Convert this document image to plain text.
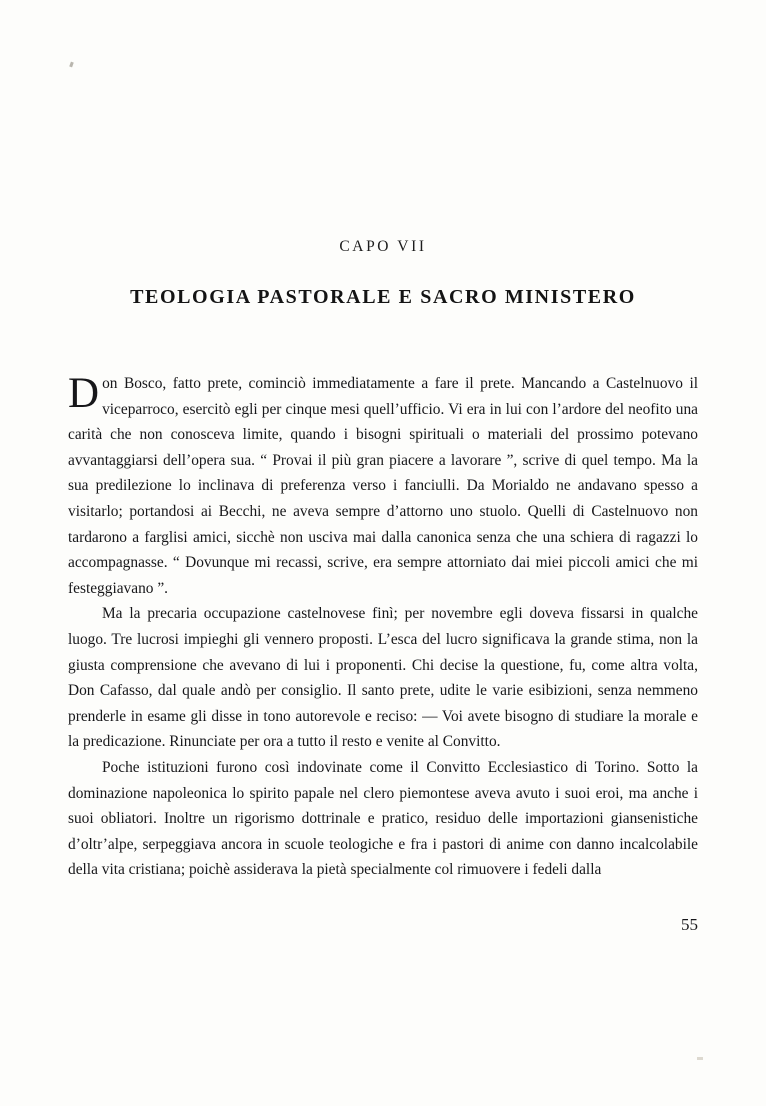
CAPO VII
TEOLOGIA PASTORALE E SACRO MINISTERO

Don Bosco, fatto prete, cominciò immediatamente a fare il prete. Mancando a Castelnuovo il viceparroco, esercitò egli per cinque mesi quell’ufficio. Vi era in lui con l’ardore del neofito una carità che non conosceva limite, quando i bisogni spirituali o materiali del prossimo potevano avvantaggiarsi dell’opera sua. “ Provai il più gran piacere a lavorare ”, scrive di quel tempo. Ma la sua predilezione lo inclinava di preferenza verso i fanciulli. Da Morialdo ne andavano spesso a visitarlo; portandosi ai Becchi, ne aveva sempre d’attorno uno stuolo. Quelli di Castelnuovo non tardarono a farglisi amici, sicchè non usciva mai dalla canonica senza che una schiera di ragazzi lo accompagnasse. “ Dovunque mi recassi, scrive, era sempre attorniato dai miei piccoli amici che mi festeggiavano ”.

Ma la precaria occupazione castelnovese finì; per novembre egli doveva fissarsi in qualche luogo. Tre lucrosi impieghi gli vennero proposti. L’esca del lucro significava la grande stima, non la giusta comprensione che avevano di lui i proponenti. Chi decise la questione, fu, come altra volta, Don Cafasso, dal quale andò per consiglio. Il santo prete, udite le varie esibizioni, senza nemmeno prenderle in esame gli disse in tono autorevole e reciso: — Voi avete bisogno di studiare la morale e la predicazione. Rinunciate per ora a tutto il resto e venite al Convitto.

Poche istituzioni furono così indovinate come il Convitto Ecclesiastico di Torino. Sotto la dominazione napoleonica lo spirito papale nel clero piemontese aveva avuto i suoi eroi, ma anche i suoi obliatori. Inoltre un rigorismo dottrinale e pratico, residuo delle importazioni giansenistiche d’oltr’alpe, serpeggiava ancora in scuole teologiche e fra i pastori di anime con danno incalcolabile della vita cristiana; poichè assiderava la pietà specialmente col rimuovere i fedeli dalla

55
